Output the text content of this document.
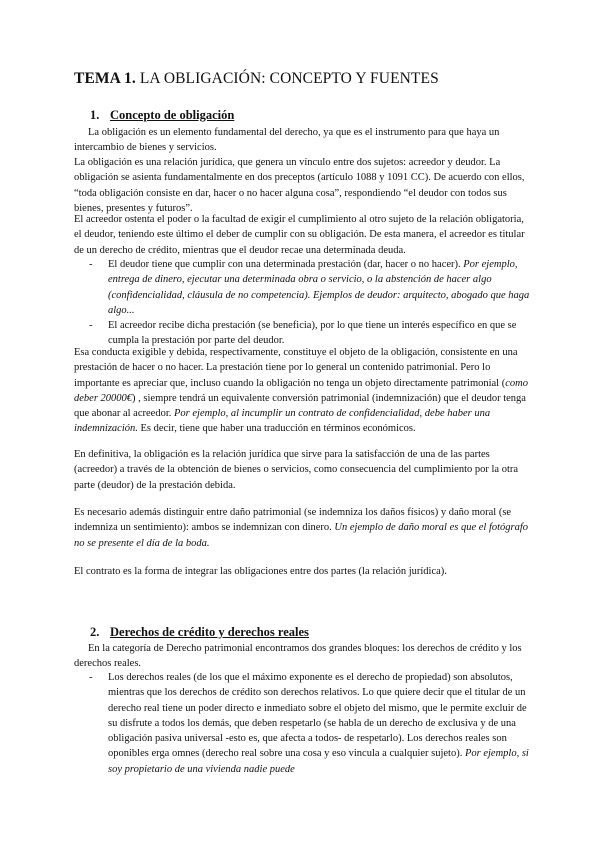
TEMA 1. LA OBLIGACIÓN: CONCEPTO Y FUENTES
1. Concepto de obligación

La obligación es un elemento fundamental del derecho, ya que es el instrumento para que haya un intercambio de bienes y servicios.

La obligación es una relación jurídica, que genera un vínculo entre dos sujetos: acreedor y deudor. La obligación se asienta fundamentalmente en dos preceptos (artículo 1088 y 1091 CC). De acuerdo con ellos, “toda obligación consiste en dar, hacer o no hacer alguna cosa”, respondiendo “el deudor con todos sus bienes, presentes y futuros”.

El acreedor ostenta el poder o la facultad de exigir el cumplimiento al otro sujeto de la relación obligatoria, el deudor, teniendo este último el deber de cumplir con su obligación. De esta manera, el acreedor es titular de un derecho de crédito, mientras que el deudor recae una determinada deuda.

- El deudor tiene que cumplir con una determinada prestación (dar, hacer o no hacer). Por ejemplo, entrega de dinero, ejecutar una determinada obra o servicio, o la abstención de hacer algo (confidencialidad, cláusula de no competencia). Ejemplos de deudor: arquitecto, abogado que haga algo...
- El acreedor recibe dicha prestación (se beneficia), por lo que tiene un interés específico en que se cumpla la prestación por parte del deudor.

Esa conducta exigible y debida, respectivamente, constituye el objeto de la obligación, consistente en una prestación de hacer o no hacer. La prestación tiene por lo general un contenido patrimonial. Pero lo importante es apreciar que, incluso cuando la obligación no tenga un objeto directamente patrimonial (como deber 20000€) , siempre tendrá un equivalente conversión patrimonial (indemnización) que el deudor tenga que abonar al acreedor. Por ejemplo, al incumplir un contrato de confidencialidad, debe haber una indemnización. Es decir, tiene que haber una traducción en términos económicos.

En definitiva, la obligación es la relación jurídica que sirve para la satisfacción de una de las partes (acreedor) a través de la obtención de bienes o servicios, como consecuencia del cumplimiento por la otra parte (deudor) de la prestación debida.

Es necesario además distinguir entre daño patrimonial (se indemniza los daños físicos) y daño moral (se indemniza un sentimiento): ambos se indemnizan con dinero. Un ejemplo de daño moral es que el fotógrafo no se presente el día de la boda.

El contrato es la forma de integrar las obligaciones entre dos partes (la relación jurídica).

2. Derechos de crédito y derechos reales

En la categoría de Derecho patrimonial encontramos dos grandes bloques: los derechos de crédito y los derechos reales.

- Los derechos reales (de los que el máximo exponente es el derecho de propiedad) son absolutos, mientras que los derechos de crédito son derechos relativos. Lo que quiere decir que el titular de un derecho real tiene un poder directo e inmediato sobre el objeto del mismo, que le permite excluir de su disfrute a todos los demás, que deben respetarlo (se habla de un derecho de exclusiva y de una obligación pasiva universal -esto es, que afecta a todos- de respetarlo). Los derechos reales son oponibles erga omnes (derecho real sobre una cosa y eso vincula a cualquier sujeto). Por ejemplo, si soy propietario de una vivienda nadie puede
